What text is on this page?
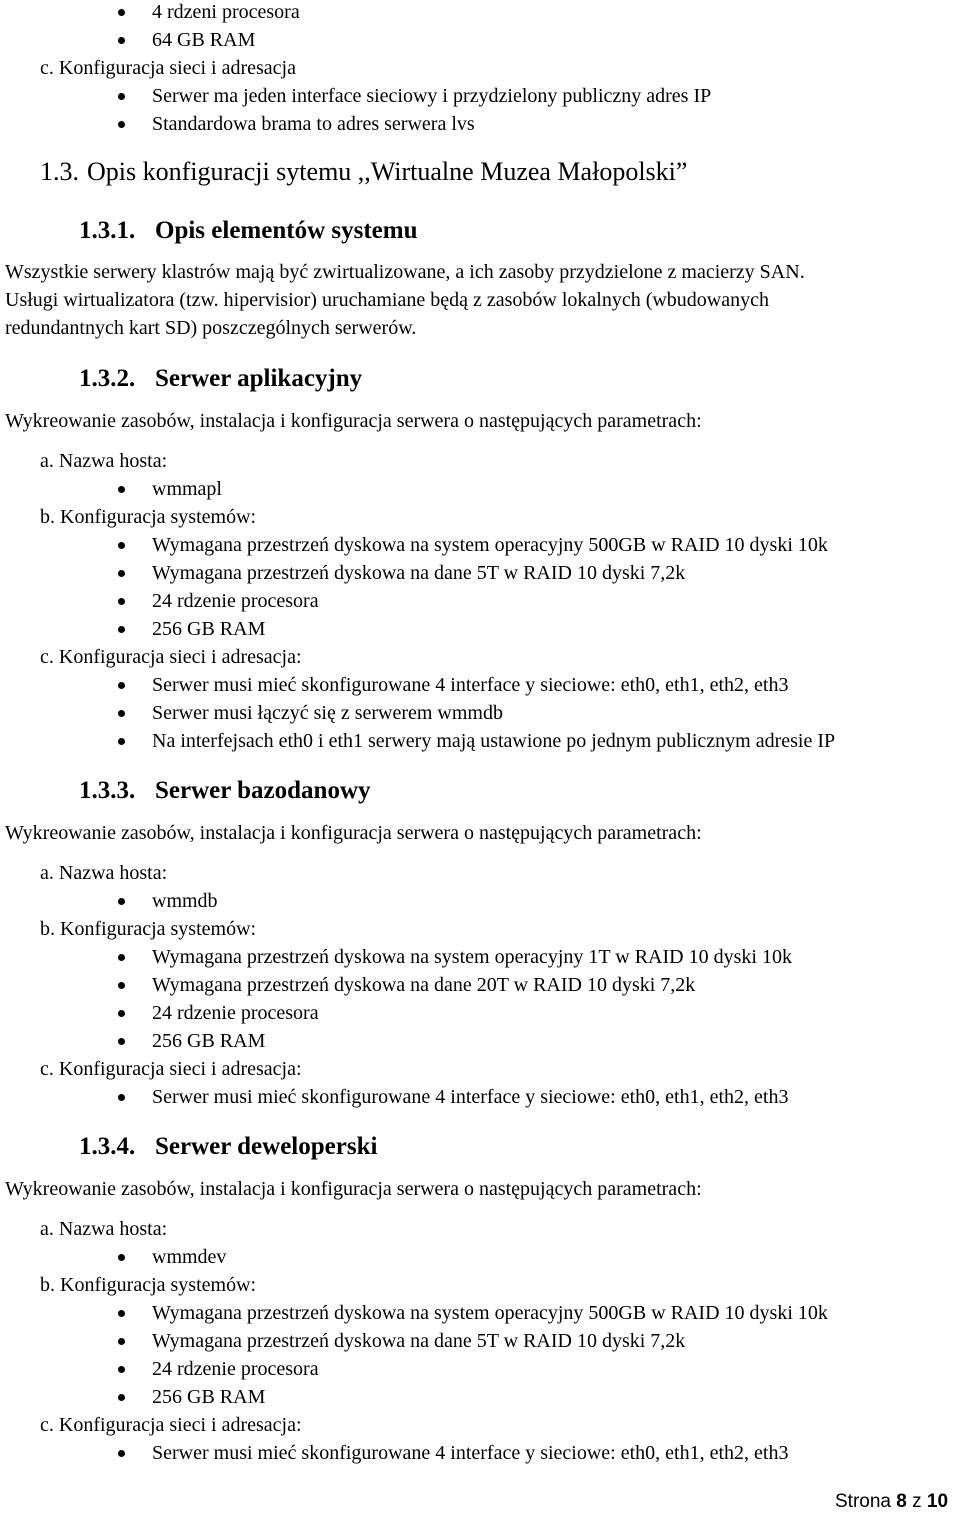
4 rdzeni procesora
64 GB RAM
c. Konfiguracja sieci i adresacja
Serwer ma jeden interface sieciowy i przydzielony publiczny adres IP
Standardowa brama to adres serwera lvs
1.3. Opis konfiguracji sytemu ,,Wirtualne Muzea Małopolski”
1.3.1. Opis elementów systemu
Wszystkie serwery klastrów mają być zwirtualizowane, a ich zasoby przydzielone z macierzy SAN.
Usługi wirtualizatora (tzw. hipervisior) uruchamiane będą z zasobów lokalnych (wbudowanych
redundantnych kart SD) poszczególnych serwerów.
1.3.2. Serwer aplikacyjny
Wykreowanie zasobów, instalacja i konfiguracja serwera o następujących parametrach:
a. Nazwa hosta:
wmmapl
b. Konfiguracja systemów:
Wymagana przestrzeń dyskowa na system operacyjny 500GB w RAID 10 dyski 10k
Wymagana przestrzeń dyskowa na dane 5T w RAID 10 dyski 7,2k
24 rdzenie procesora
256 GB RAM
c. Konfiguracja sieci i adresacja:
Serwer musi mieć skonfigurowane 4 interface y sieciowe: eth0, eth1, eth2, eth3
Serwer musi łączyć się z serwerem wmmdb
Na interfejsach eth0 i eth1 serwery mają ustawione po jednym publicznym adresie IP
1.3.3. Serwer bazodanowy
Wykreowanie zasobów, instalacja i konfiguracja serwera o następujących parametrach:
a. Nazwa hosta:
wmmdb
b. Konfiguracja systemów:
Wymagana przestrzeń dyskowa na system operacyjny 1T w RAID 10 dyski 10k
Wymagana przestrzeń dyskowa na dane 20T w RAID 10 dyski 7,2k
24 rdzenie procesora
256 GB RAM
c. Konfiguracja sieci i adresacja:
Serwer musi mieć skonfigurowane 4 interface y sieciowe: eth0, eth1, eth2, eth3
1.3.4. Serwer deweloperski
Wykreowanie zasobów, instalacja i konfiguracja serwera o następujących parametrach:
a. Nazwa hosta:
wmmdev
b. Konfiguracja systemów:
Wymagana przestrzeń dyskowa na system operacyjny 500GB w RAID 10 dyski 10k
Wymagana przestrzeń dyskowa na dane 5T w RAID 10 dyski 7,2k
24 rdzenie procesora
256 GB RAM
c. Konfiguracja sieci i adresacja:
Serwer musi mieć skonfigurowane 4 interface y sieciowe: eth0, eth1, eth2, eth3
Strona 8 z 10
